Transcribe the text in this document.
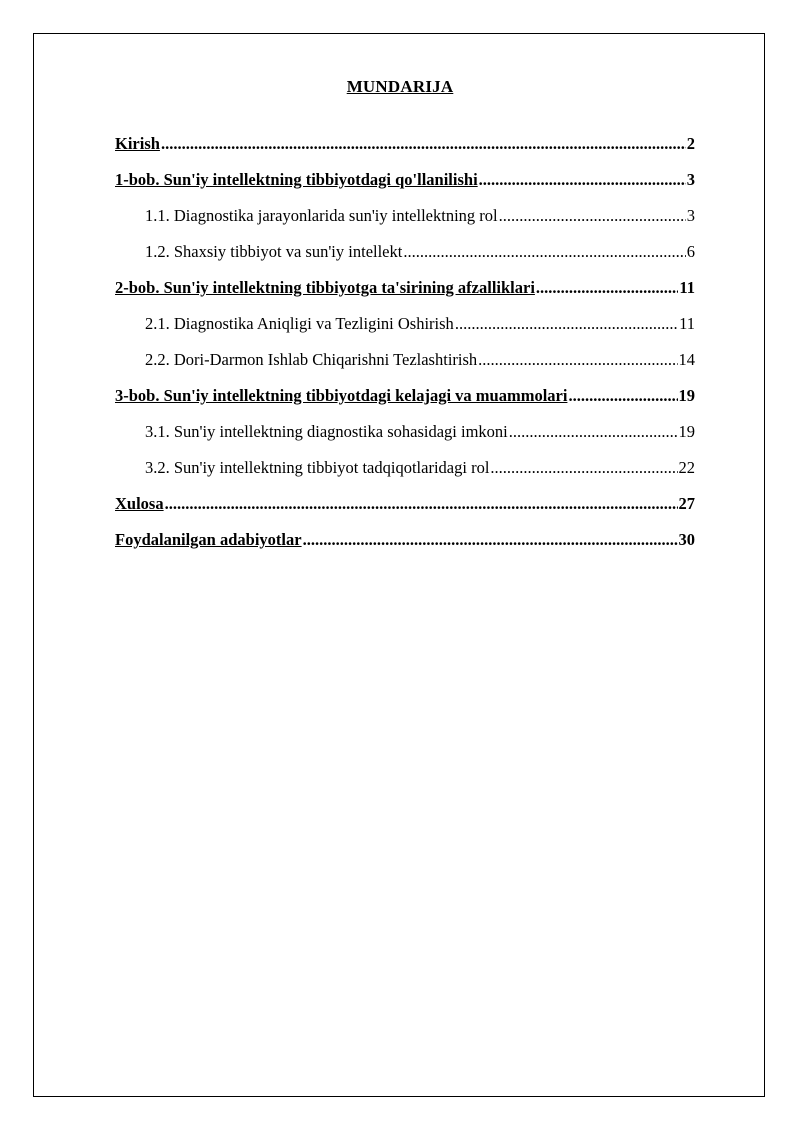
MUNDARIJA
Kirish .....	2
1-bob. Sun'iy intellektning tibbiyotdagi qo'llanilishi .....	3
1.1. Diagnostika jarayonlarida sun'iy intellektning rol .....	3
1.2. Shaxsiy tibbiyot va sun'iy intellekt .....	6
2-bob. Sun'iy intellektning tibbiyotga ta'sirining afzalliklari .....	11
2.1. Diagnostika Aniqligi va Tezligini Oshirish .....	11
2.2. Dori-Darmon Ishlab Chiqarishni Tezlashtirish .....	14
3-bob. Sun'iy intellektning tibbiyotdagi kelajagi va muammolari .....	19
3.1. Sun'iy intellektning diagnostika sohasidagi imkoni .....	19
3.2. Sun'iy intellektning tibbiyot tadqiqotlaridagi rol .....	22
Xulosa .....	27
Foydalanilgan adabiyotlar .....	30
